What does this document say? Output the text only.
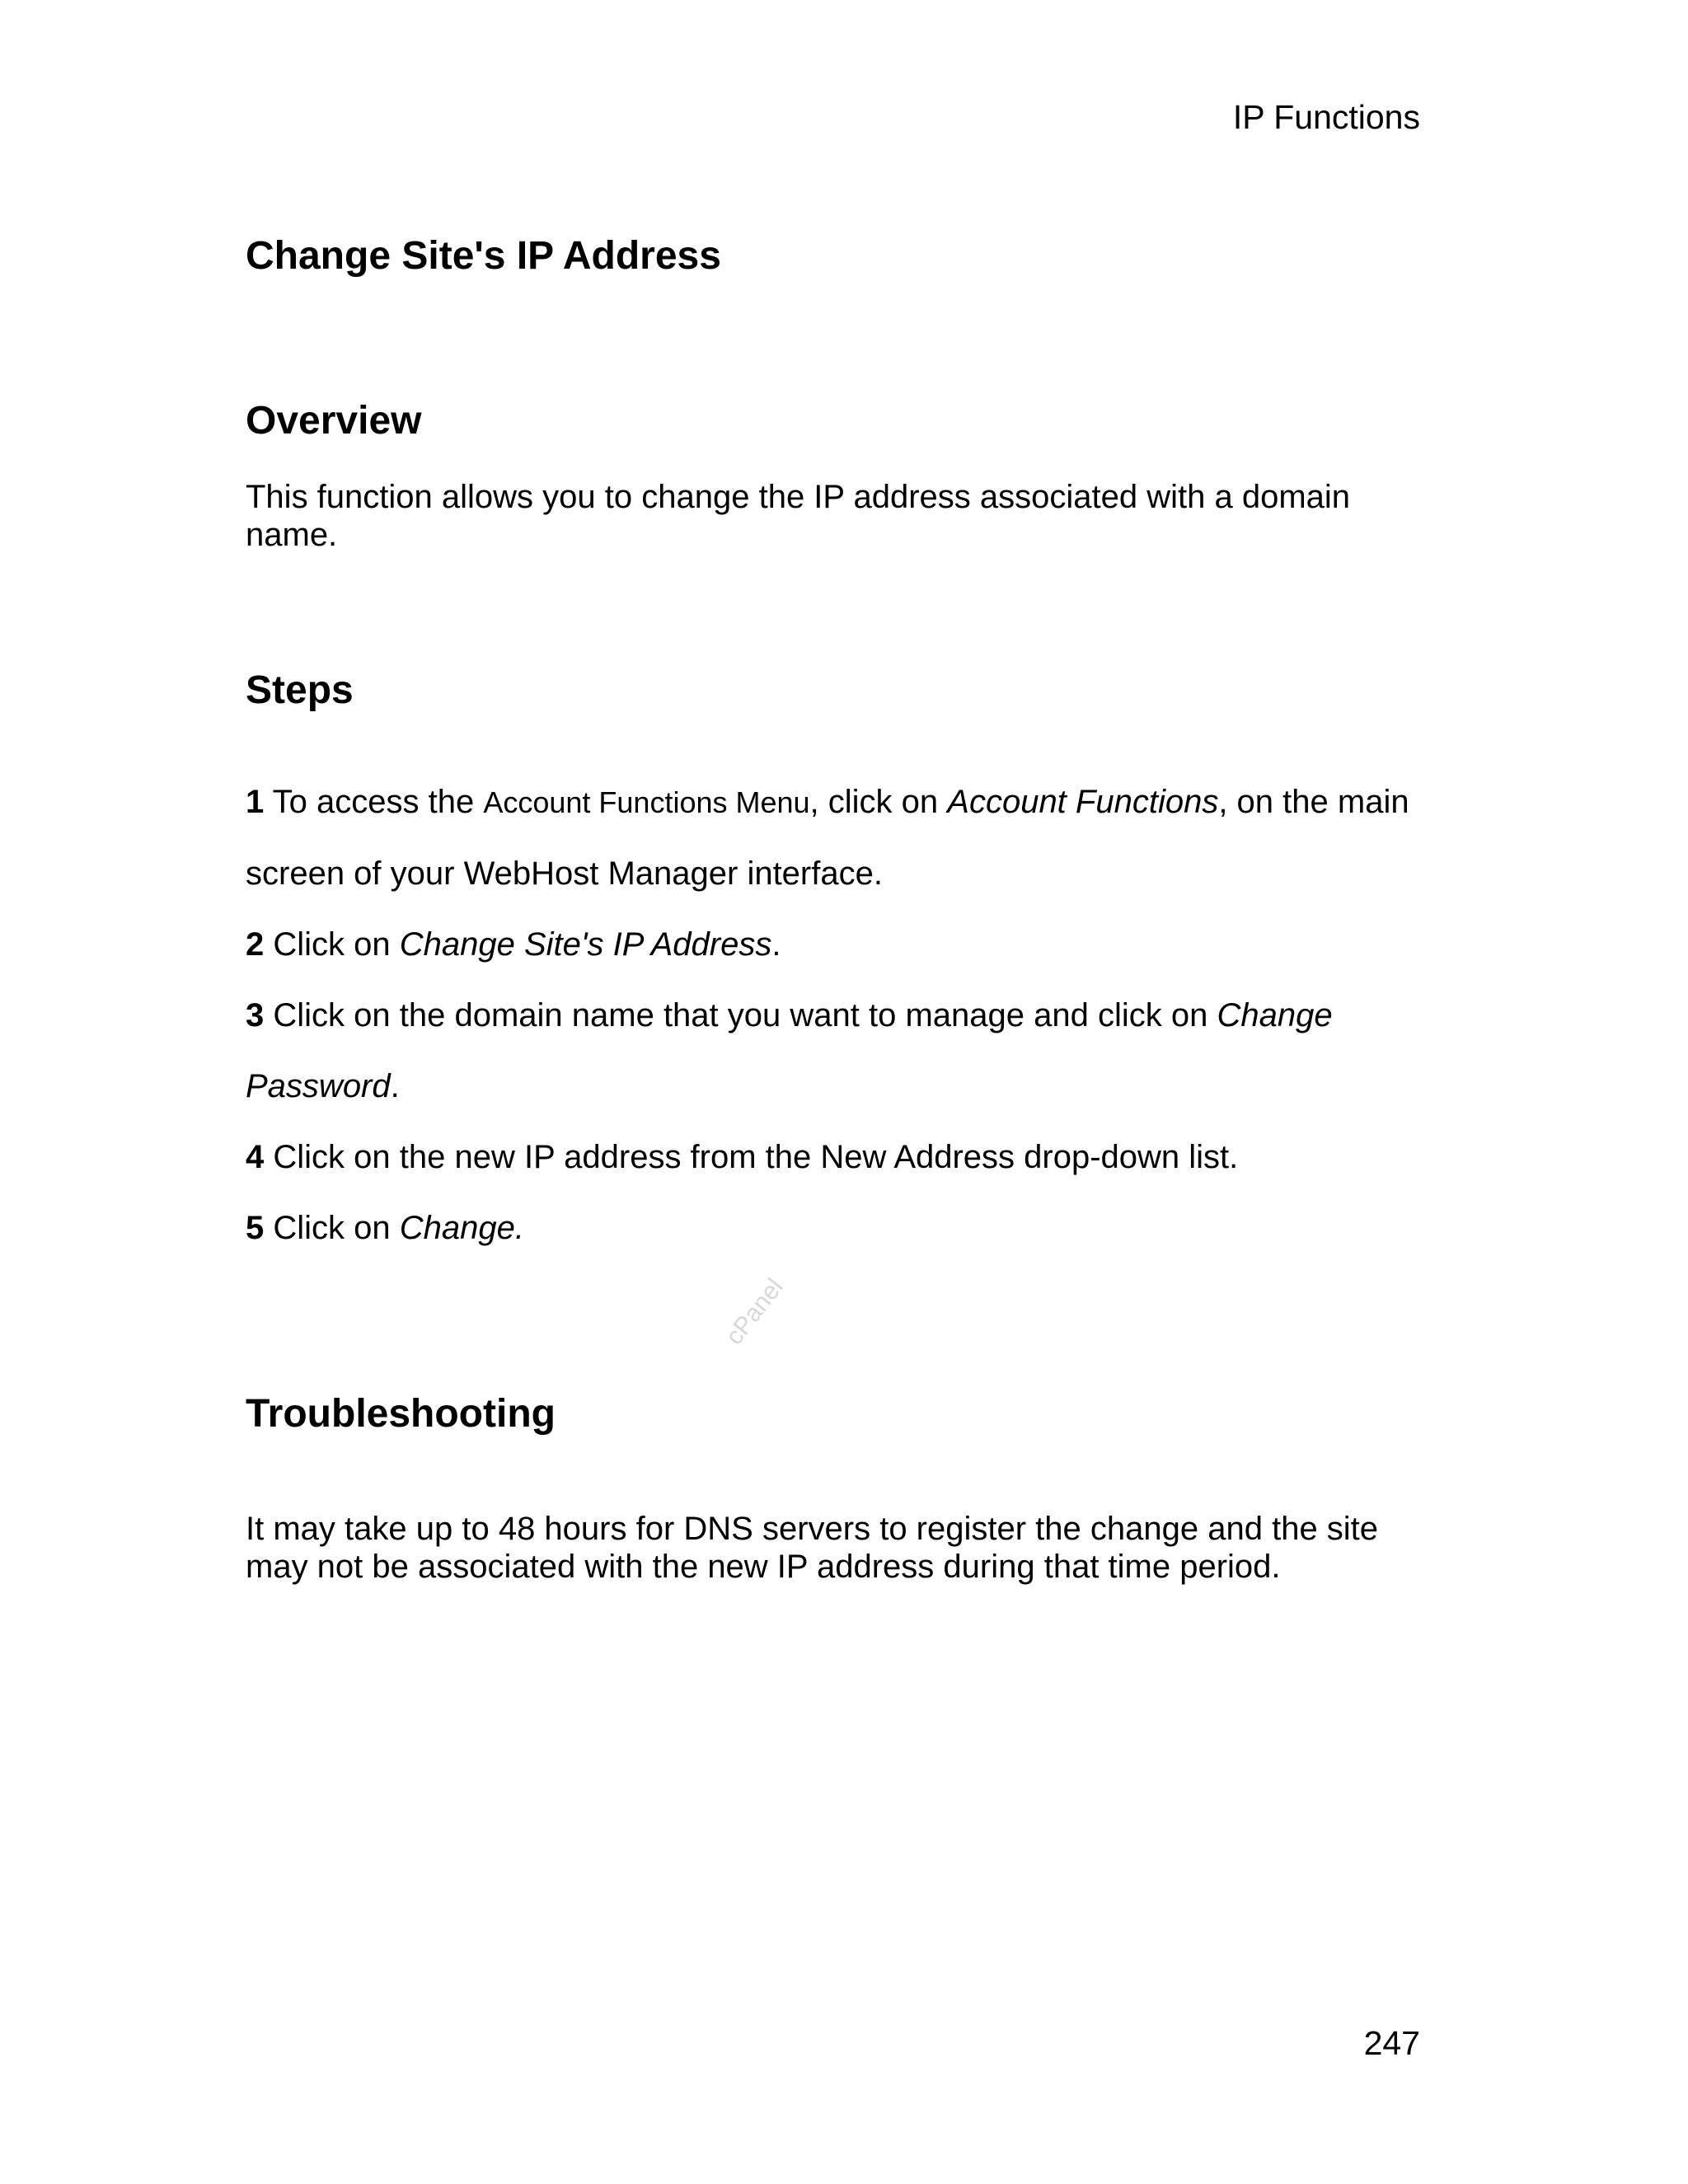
IP Functions
Change Site's IP Address
Overview

This function allows you to change the IP address associated with a domain name.

Steps

1 To access the Account Functions Menu, click on Account Functions, on the main

screen of your WebHost Manager interface.

2 Click on Change Site's IP Address.

3 Click on the domain name that you want to manage and click on Change

Password.

4 Click on the new IP address from the New Address drop-down list.

5 Click on Change.

cPanel
Troubleshooting

It may take up to 48 hours for DNS servers to register the change and the site may not be associated with the new IP address during that time period.

247
